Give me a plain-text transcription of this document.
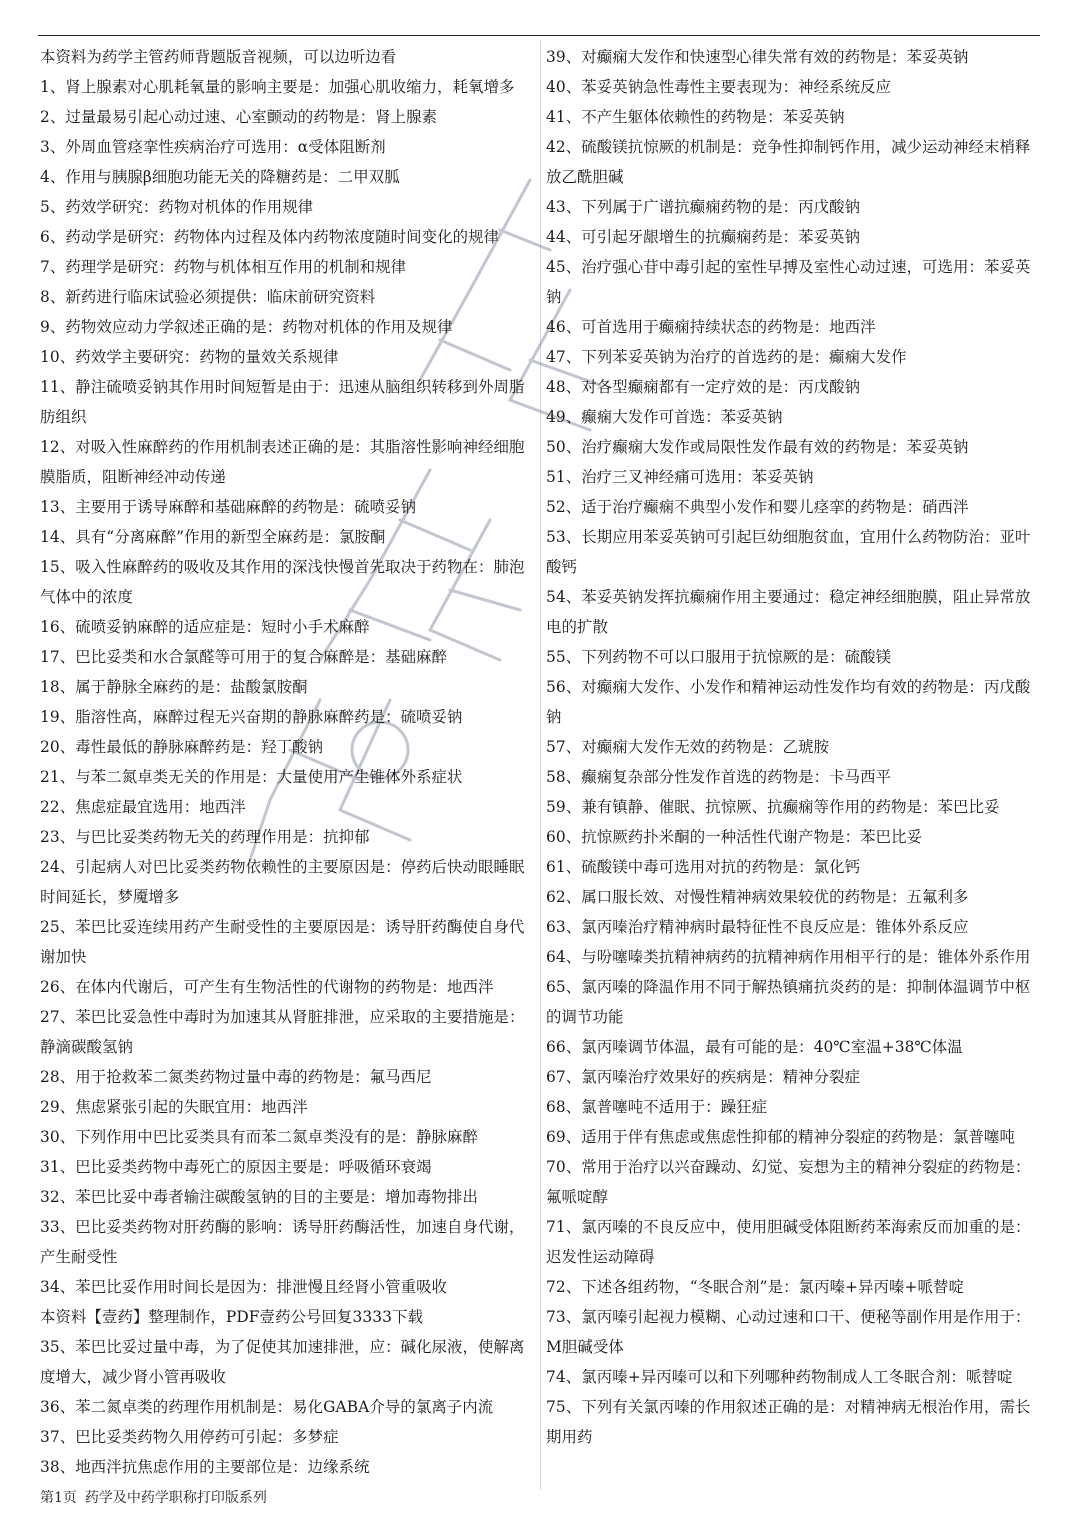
本资料为药学主管药师背题版音视频，可以边听边看
1、肾上腺素对心肌耗氧量的影响主要是：加强心肌收缩力，耗氧增多
2、过量最易引起心动过速、心室颤动的药物是：肾上腺素
3、外周血管痉挛性疾病治疗可选用：α受体阻断剂
4、作用与胰腺β细胞功能无关的降糖药是：二甲双胍
5、药效学研究：药物对机体的作用规律
6、药动学是研究：药物体内过程及体内药物浓度随时间变化的规律
7、药理学是研究：药物与机体相互作用的机制和规律
8、新药进行临床试验必须提供：临床前研究资料
9、药物效应动力学叙述正确的是：药物对机体的作用及规律
10、药效学主要研究：药物的量效关系规律
11、静注硫喷妥钠其作用时间短暂是由于：迅速从脑组织转移到外周脂肪组织
12、对吸入性麻醉药的作用机制表述正确的是：其脂溶性影响神经细胞膜脂质，阻断神经冲动传递
13、主要用于诱导麻醉和基础麻醉的药物是：硫喷妥钠
14、具有“分离麻醉”作用的新型全麻药是：氯胺酮
15、吸入性麻醉药的吸收及其作用的深浅快慢首先取决于药物在：肺泡气体中的浓度
16、硫喷妥钠麻醉的适应症是：短时小手术麻醉
17、巴比妥类和水合氯醛等可用于的复合麻醉是：基础麻醉
18、属于静脉全麻药的是：盐酸氯胺酮
19、脂溶性高，麻醉过程无兴奋期的静脉麻醉药是：硫喷妥钠
20、毒性最低的静脉麻醉药是：羟丁酸钠
21、与苯二氮卓类无关的作用是：大量使用产生锥体外系症状
22、焦虑症最宜选用：地西泮
23、与巴比妥类药物无关的药理作用是：抗抑郁
24、引起病人对巴比妥类药物依赖性的主要原因是：停药后快动眼睡眠时间延长，梦魇增多
25、苯巴比妥连续用药产生耐受性的主要原因是：诱导肝药酶使自身代谢加快
26、在体内代谢后，可产生有生物活性的代谢物的药物是：地西泮
27、苯巴比妥急性中毒时为加速其从肾脏排泄，应采取的主要措施是：静滴碳酸氢钠
28、用于抢救苯二氮类药物过量中毒的药物是：氟马西尼
29、焦虑紧张引起的失眠宜用：地西泮
30、下列作用中巴比妥类具有而苯二氮卓类没有的是：静脉麻醉
31、巴比妥类药物中毒死亡的原因主要是：呼吸循环衰竭
32、苯巴比妥中毒者输注碳酸氢钠的目的主要是：增加毒物排出
33、巴比妥类药物对肝药酶的影响：诱导肝药酶活性，加速自身代谢，产生耐受性
34、苯巴比妥作用时间长是因为：排泄慢且经肾小管重吸收
本资料【壹药】整理制作，PDF壹药公号回复3333下载
35、苯巴比妥过量中毒，为了促使其加速排泄，应：碱化尿液，使解离度增大，减少肾小管再吸收
36、苯二氮卓类的药理作用机制是：易化GABA介导的氯离子内流
37、巴比妥类药物久用停药可引起：多梦症
38、地西泮抗焦虑作用的主要部位是：边缘系统
39、对癫痫大发作和快速型心律失常有效的药物是：苯妥英钠
40、苯妥英钠急性毒性主要表现为：神经系统反应
41、不产生躯体依赖性的药物是：苯妥英钠
42、硫酸镁抗惊厥的机制是：竞争性抑制钙作用，减少运动神经末梢释放乙酰胆碱
43、下列属于广谱抗癫痫药物的是：丙戊酸钠
44、可引起牙龈增生的抗癫痫药是：苯妥英钠
45、治疗强心苷中毒引起的室性早搏及室性心动过速，可选用：苯妥英钠
46、可首选用于癫痫持续状态的药物是：地西泮
47、下列苯妥英钠为治疗的首选药的是：癫痫大发作
48、对各型癫痫都有一定疗效的是：丙戊酸钠
49、癫痫大发作可首选：苯妥英钠
50、治疗癫痫大发作或局限性发作最有效的药物是：苯妥英钠
51、治疗三叉神经痛可选用：苯妥英钠
52、适于治疗癫痫不典型小发作和婴儿痉挛的药物是：硝西泮
53、长期应用苯妥英钠可引起巨幼细胞贫血，宜用什么药物防治：亚叶酸钙
54、苯妥英钠发挥抗癫痫作用主要通过：稳定神经细胞膜，阻止异常放电的扩散
55、下列药物不可以口服用于抗惊厥的是：硫酸镁
56、对癫痫大发作、小发作和精神运动性发作均有效的药物是：丙戊酸钠
57、对癫痫大发作无效的药物是：乙琥胺
58、癫痫复杂部分性发作首选的药物是：卡马西平
59、兼有镇静、催眠、抗惊厥、抗癫痫等作用的药物是：苯巴比妥
60、抗惊厥药扑米酮的一种活性代谢产物是：苯巴比妥
61、硫酸镁中毒可选用对抗的药物是：氯化钙
62、属口服长效、对慢性精神病效果较优的药物是：五氟利多
63、氯丙嗪治疗精神病时最特征性不良反应是：锥体外系反应
64、与吩噻嗪类抗精神病药的抗精神病作用相平行的是：锥体外系作用
65、氯丙嗪的降温作用不同于解热镇痛抗炎药的是：抑制体温调节中枢的调节功能
66、氯丙嗪调节体温，最有可能的是：40℃室温+38℃体温
67、氯丙嗪治疗效果好的疾病是：精神分裂症
68、氯普噻吨不适用于：躁狂症
69、适用于伴有焦虑或焦虑性抑郁的精神分裂症的药物是：氯普噻吨
70、常用于治疗以兴奋躁动、幻觉、妄想为主的精神分裂症的药物是：氟哌啶醇
71、氯丙嗪的不良反应中，使用胆碱受体阻断药苯海索反而加重的是：迟发性运动障碍
72、下述各组药物，“冬眠合剂”是：氯丙嗪+异丙嗪+哌替啶
73、氯丙嗪引起视力模糊、心动过速和口干、便秘等副作用是作用于：M胆碱受体
74、氯丙嗪+异丙嗪可以和下列哪种药物制成人工冬眠合剂：哌替啶
75、下列有关氯丙嗪的作用叙述正确的是：对精神病无根治作用，需长期用药
第1页 药学及中药学职称打印版系列
